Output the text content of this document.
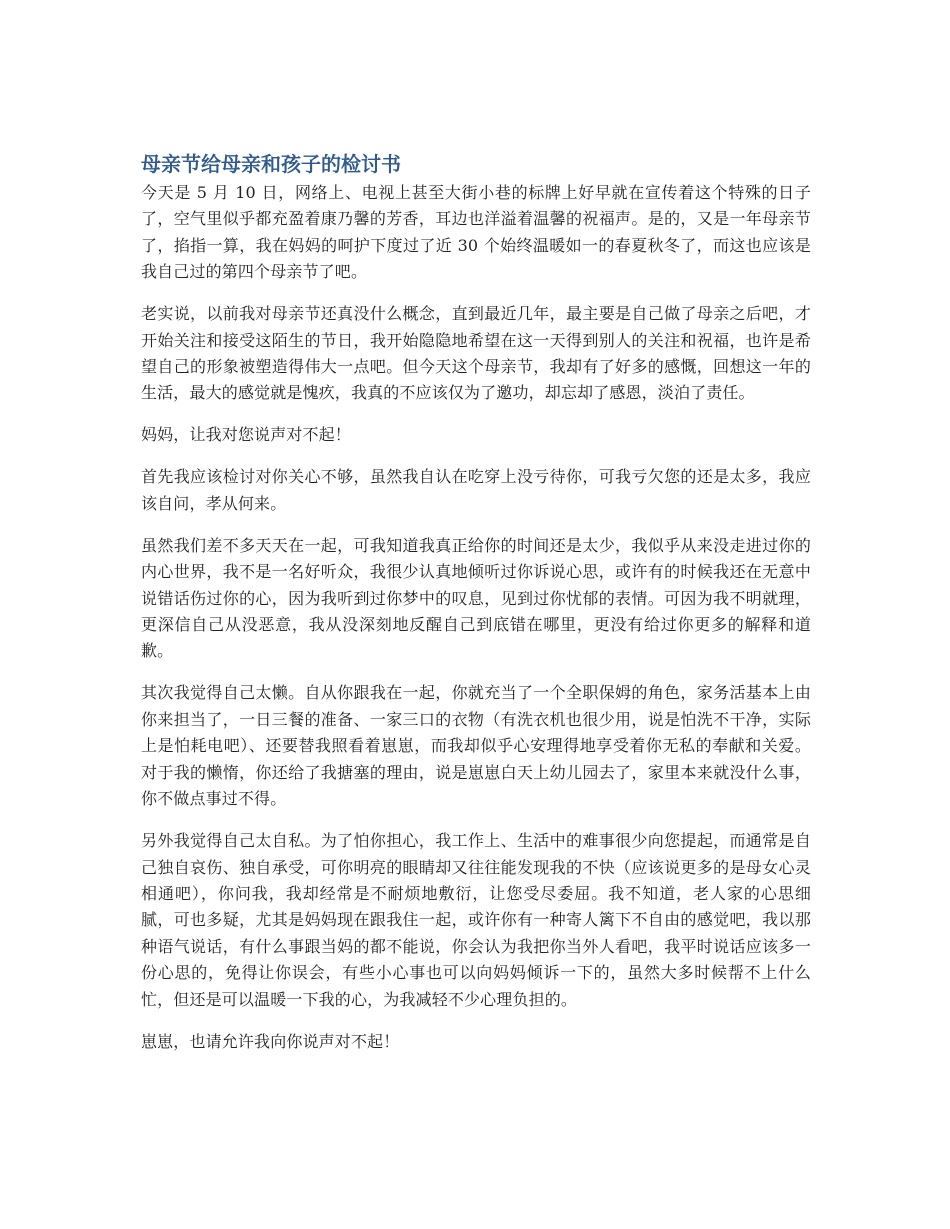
母亲节给母亲和孩子的检讨书

今天是 5 月 10 日，网络上、电视上甚至大街小巷的标牌上好早就在宣传着这个特殊的日子了，空气里似乎都充盈着康乃馨的芳香，耳边也洋溢着温馨的祝福声。是的，又是一年母亲节了，掐指一算，我在妈妈的呵护下度过了近 30 个始终温暖如一的春夏秋冬了，而这也应该是我自己过的第四个母亲节了吧。

老实说，以前我对母亲节还真没什么概念，直到最近几年，最主要是自己做了母亲之后吧，才开始关注和接受这陌生的节日，我开始隐隐地希望在这一天得到别人的关注和祝福，也许是希望自己的形象被塑造得伟大一点吧。但今天这个母亲节，我却有了好多的感慨，回想这一年的生活，最大的感觉就是愧疚，我真的不应该仅为了邀功，却忘却了感恩，淡泊了责任。

妈妈，让我对您说声对不起！

首先我应该检讨对你关心不够，虽然我自认在吃穿上没亏待你，可我亏欠您的还是太多，我应该自问，孝从何来。

虽然我们差不多天天在一起，可我知道我真正给你的时间还是太少，我似乎从来没走进过你的内心世界，我不是一名好听众，我很少认真地倾听过你诉说心思，或许有的时候我还在无意中说错话伤过你的心，因为我听到过你梦中的叹息，见到过你忧郁的表情。可因为我不明就理，更深信自己从没恶意，我从没深刻地反醒自己到底错在哪里，更没有给过你更多的解释和道歉。

其次我觉得自己太懒。自从你跟我在一起，你就充当了一个全职保姆的角色，家务活基本上由你来担当了，一日三餐的准备、一家三口的衣物（有洗衣机也很少用，说是怕洗不干净，实际上是怕耗电吧）、还要替我照看着崽崽，而我却似乎心安理得地享受着你无私的奉献和关爱。对于我的懒惰，你还给了我搪塞的理由，说是崽崽白天上幼儿园去了，家里本来就没什么事，你不做点事过不得。

另外我觉得自己太自私。为了怕你担心，我工作上、生活中的难事很少向您提起，而通常是自己独自哀伤、独自承受，可你明亮的眼睛却又往往能发现我的不快（应该说更多的是母女心灵相通吧），你问我，我却经常是不耐烦地敷衍，让您受尽委屈。我不知道，老人家的心思细腻，可也多疑，尤其是妈妈现在跟我住一起，或许你有一种寄人篱下不自由的感觉吧，我以那种语气说话，有什么事跟当妈的都不能说，你会认为我把你当外人看吧，我平时说话应该多一份心思的，免得让你误会，有些小心事也可以向妈妈倾诉一下的，虽然大多时候帮不上什么忙，但还是可以温暖一下我的心，为我减轻不少心理负担的。

崽崽，也请允许我向你说声对不起！
